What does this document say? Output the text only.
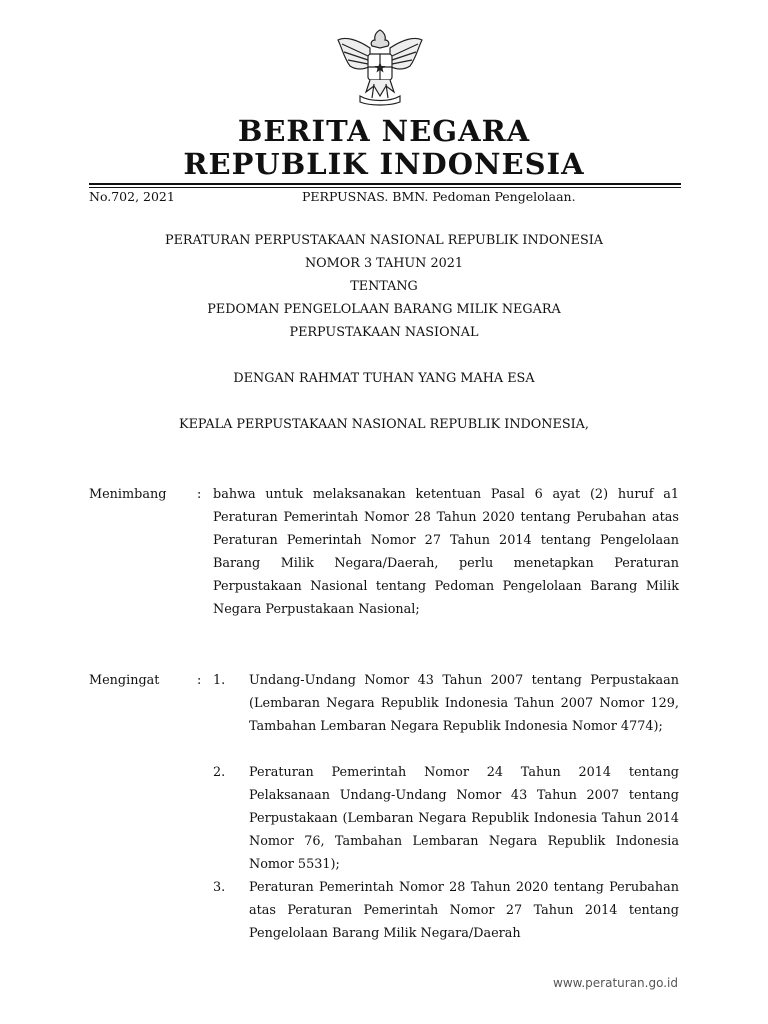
BERITA NEGARA
REPUBLIK INDONESIA
No.702, 2021	PERPUSNAS. BMN. Pedoman Pengelolaan.
PERATURAN PERPUSTAKAAN NASIONAL REPUBLIK INDONESIA
NOMOR 3 TAHUN 2021
TENTANG
PEDOMAN PENGELOLAAN BARANG MILIK NEGARA
PERPUSTAKAAN NASIONAL
DENGAN RAHMAT TUHAN YANG MAHA ESA
KEPALA PERPUSTAKAAN NASIONAL REPUBLIK INDONESIA,
Menimbang : bahwa untuk melaksanakan ketentuan Pasal 6 ayat (2) huruf a1 Peraturan Pemerintah Nomor 28 Tahun 2020 tentang Perubahan atas Peraturan Pemerintah Nomor 27 Tahun 2014 tentang Pengelolaan Barang Milik Negara/Daerah, perlu menetapkan Peraturan Perpustakaan Nasional tentang Pedoman Pengelolaan Barang Milik Negara Perpustakaan Nasional;
Mengingat	: 1. Undang-Undang Nomor 43 Tahun 2007 tentang Perpustakaan (Lembaran Negara Republik Indonesia Tahun 2007 Nomor 129, Tambahan Lembaran Negara Republik Indonesia Nomor 4774);
2. Peraturan Pemerintah Nomor 24 Tahun 2014 tentang Pelaksanaan Undang-Undang Nomor 43 Tahun 2007 tentang Perpustakaan (Lembaran Negara Republik Indonesia Tahun 2014 Nomor 76, Tambahan Lembaran Negara Republik Indonesia Nomor 5531);
3. Peraturan Pemerintah Nomor 28 Tahun 2020 tentang Perubahan atas Peraturan Pemerintah Nomor 27 Tahun 2014 tentang Pengelolaan Barang Milik Negara/Daerah
www.peraturan.go.id
